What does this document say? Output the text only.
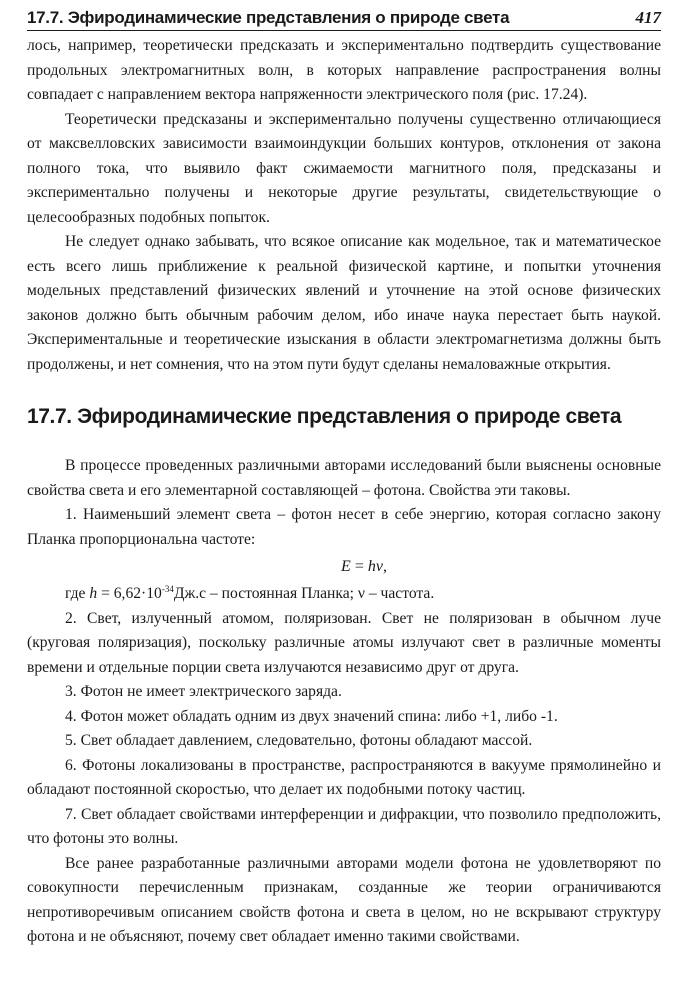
17.7. Эфиродинамические представления о природе света	417

лось, например, теоретически предсказать и экспериментально подтвердить существование продольных электромагнитных волн, в которых направление распространения волны совпадает с направлением вектора напряженности электрического поля (рис. 17.24).

Теоретически предсказаны и экспериментально получены существенно отличающиеся от максвелловских зависимости взаимоиндукции больших контуров, отклонения от закона полного тока, что выявило факт сжимаемости магнитного поля, предсказаны и экспериментально получены и некоторые другие результаты, свидетельствующие о целесообразных подобных попыток.

Не следует однако забывать, что всякое описание как модельное, так и математическое есть всего лишь приближение к реальной физической картине, и попытки уточнения модельных представлений физических явлений и уточнение на этой основе физических законов должно быть обычным рабочим делом, ибо иначе наука перестает быть наукой. Экспериментальные и теоретические изыскания в области электромагнетизма должны быть продолжены, и нет сомнения, что на этом пути будут сделаны немаловажные открытия.

17.7. Эфиродинамические представления о природе света

В процессе проведенных различными авторами исследований были выяснены основные свойства света и его элементарной составляющей – фотона. Свойства эти таковы.

1. Наименьший элемент света – фотон несет в себе энергию, которая согласно закону Планка пропорциональна частоте:

E = hν,

где $h = 6,62\cdot 10^{-34}Дж.с$ – постоянная Планка; ν – частота.

2. Свет, излученный атомом, поляризован. Свет не поляризован в обычном луче (круговая поляризация), поскольку различные атомы излучают свет в различные моменты времени и отдельные порции света излучаются независимо друг от друга.

3. Фотон не имеет электрического заряда.

4. Фотон может обладать одним из двух значений спина: либо +1, либо -1.

5. Свет обладает давлением, следовательно, фотоны обладают массой.

6. Фотоны локализованы в пространстве, распространяются в вакууме прямолинейно и обладают постоянной скоростью, что делает их подобными потоку частиц.

7. Свет обладает свойствами интерференции и дифракции, что позволило предположить, что фотоны это волны.

Все ранее разработанные различными авторами модели фотона не удовлетворяют по совокупности перечисленным признакам, созданные же теории ограничиваются непротиворечивым описанием свойств фотона и света в целом, но не вскрывают структуру фотона и не объясняют, почему свет обладает именно такими свойствами.
